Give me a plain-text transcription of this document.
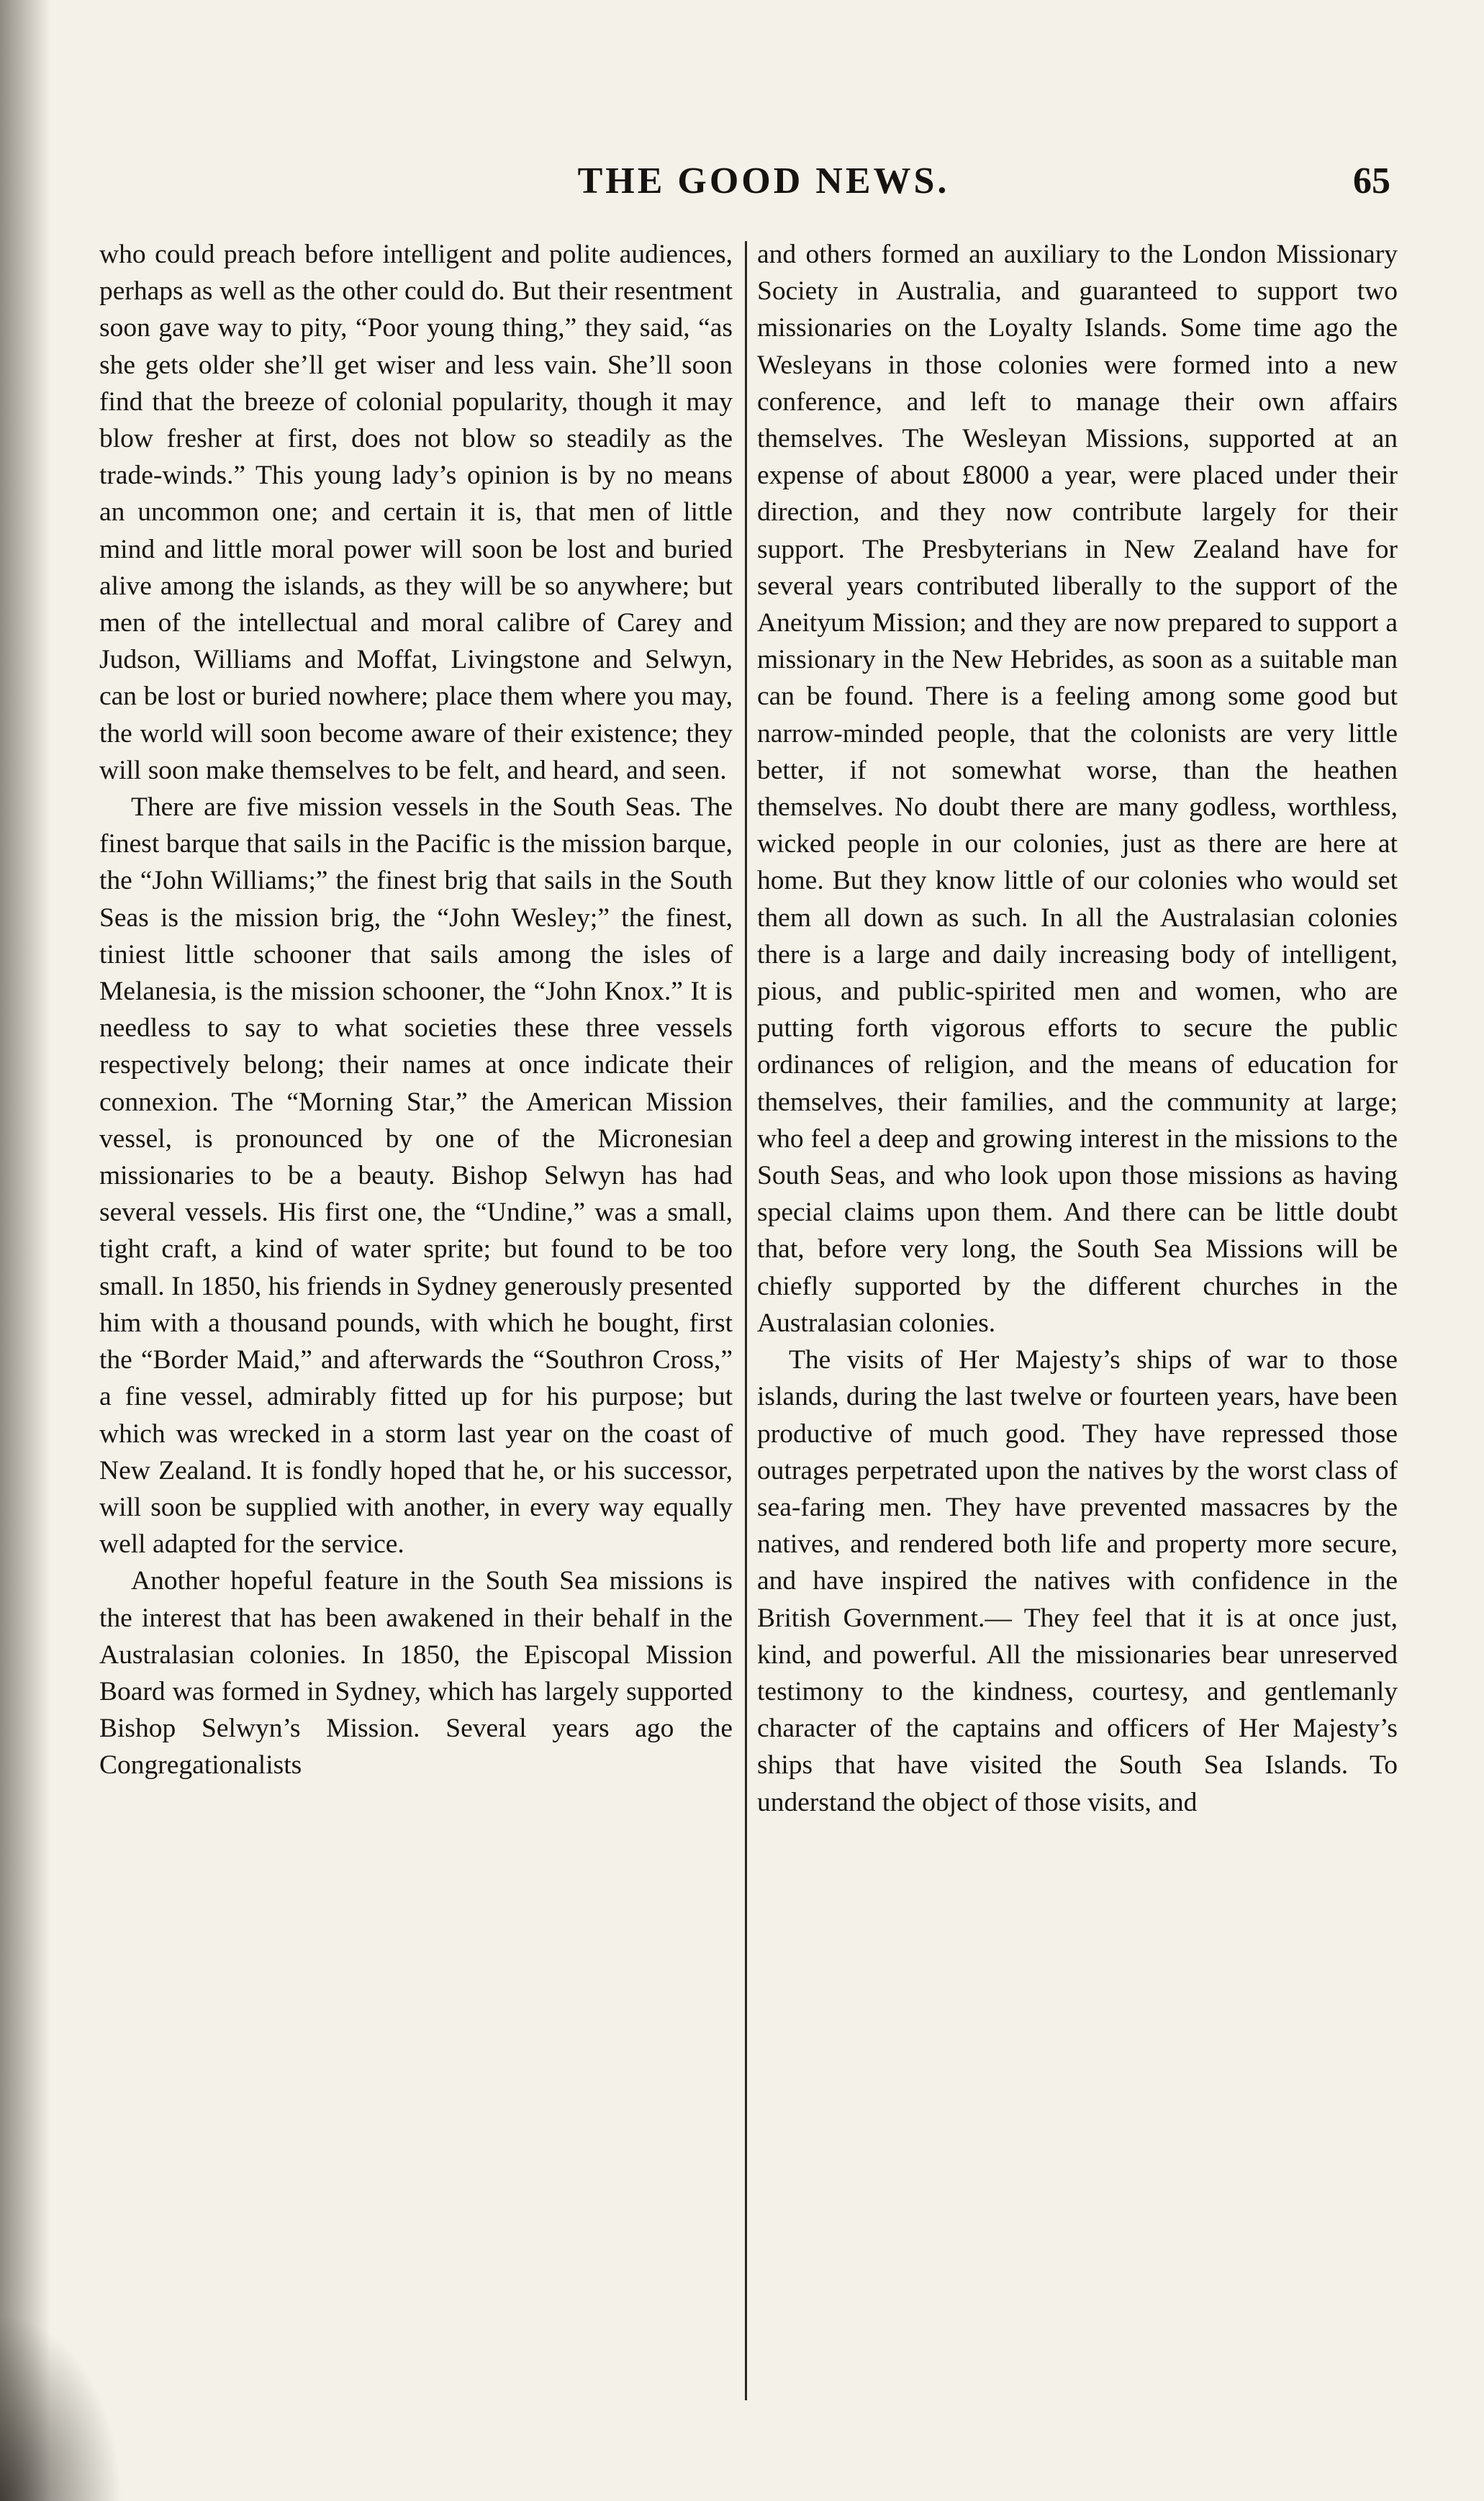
THE GOOD NEWS.	65

who could preach before intelligent and polite audiences, perhaps as well as the other could do. But their resentment soon gave way to pity, “Poor young thing,” they said, “as she gets older she’ll get wiser and less vain. She’ll soon find that the breeze of colonial popularity, though it may blow fresher at first, does not blow so steadily as the trade-winds.” This young lady’s opinion is by no means an uncommon one; and certain it is, that men of little mind and little moral power will soon be lost and buried alive among the islands, as they will be so anywhere; but men of the intellectual and moral calibre of Carey and Judson, Williams and Moffat, Livingstone and Selwyn, can be lost or buried nowhere; place them where you may, the world will soon become aware of their existence; they will soon make themselves to be felt, and heard, and seen.

There are five mission vessels in the South Seas. The finest barque that sails in the Pacific is the mission barque, the “John Williams;” the finest brig that sails in the South Seas is the mission brig, the “John Wesley;” the finest, tiniest little schooner that sails among the isles of Melanesia, is the mission schooner, the “John Knox.” It is needless to say to what societies these three vessels respectively belong; their names at once indicate their connexion. The “Morning Star,” the American Mission vessel, is pronounced by one of the Micronesian missionaries to be a beauty. Bishop Selwyn has had several vessels. His first one, the “Undine,” was a small, tight craft, a kind of water sprite; but found to be too small. In 1850, his friends in Sydney generously presented him with a thousand pounds, with which he bought, first the “Border Maid,” and afterwards the “Southron Cross,” a fine vessel, admirably fitted up for his purpose; but which was wrecked in a storm last year on the coast of New Zealand. It is fondly hoped that he, or his successor, will soon be supplied with another, in every way equally well adapted for the service.

Another hopeful feature in the South Sea missions is the interest that has been awakened in their behalf in the Australasian colonies. In 1850, the Episcopal Mission Board was formed in Sydney, which has largely supported Bishop Selwyn’s Mission. Several years ago the Congregationalists

and others formed an auxiliary to the London Missionary Society in Australia, and guaranteed to support two missionaries on the Loyalty Islands. Some time ago the Wesleyans in those colonies were formed into a new conference, and left to manage their own affairs themselves. The Wesleyan Missions, supported at an expense of about £8000 a year, were placed under their direction, and they now contribute largely for their support. The Presbyterians in New Zealand have for several years contributed liberally to the support of the Aneityum Mission; and they are now prepared to support a missionary in the New Hebrides, as soon as a suitable man can be found. There is a feeling among some good but narrow-minded people, that the colonists are very little better, if not somewhat worse, than the heathen themselves. No doubt there are many godless, worthless, wicked people in our colonies, just as there are here at home. But they know little of our colonies who would set them all down as such. In all the Australasian colonies there is a large and daily increasing body of intelligent, pious, and public-spirited men and women, who are putting forth vigorous efforts to secure the public ordinances of religion, and the means of education for themselves, their families, and the community at large; who feel a deep and growing interest in the missions to the South Seas, and who look upon those missions as having special claims upon them. And there can be little doubt that, before very long, the South Sea Missions will be chiefly supported by the different churches in the Australasian colonies.

The visits of Her Majesty’s ships of war to those islands, during the last twelve or fourteen years, have been productive of much good. They have repressed those outrages perpetrated upon the natives by the worst class of sea-faring men. They have prevented massacres by the natives, and rendered both life and property more secure, and have inspired the natives with confidence in the British Government.— They feel that it is at once just, kind, and powerful. All the missionaries bear unreserved testimony to the kindness, courtesy, and gentlemanly character of the captains and officers of Her Majesty’s ships that have visited the South Sea Islands. To understand the object of those visits, and
